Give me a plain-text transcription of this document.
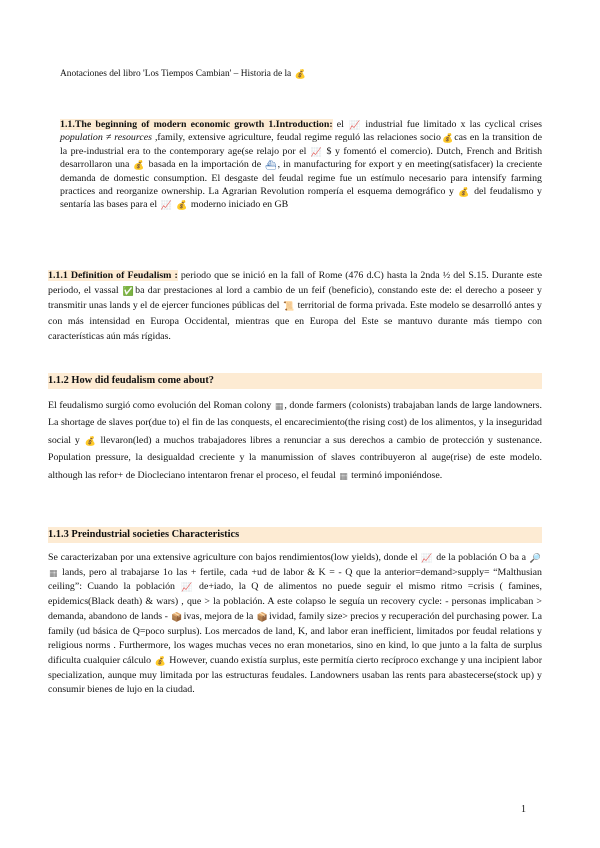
Anotaciones del libro 'Los Tiempos Cambian' – Historia de la 💰

1.1.The beginning of modern economic growth 1.Introduction: el 📈 industrial fue limitado x las cyclical crises population ≠ resources ,family, extensive agriculture, feudal regime reguló las relaciones socio💰cas en la transition de la pre-industrial era to the contemporary age(se relajo por el 📈 $ y fomentó el comercio). Dutch, French and British desarrollaron una 💰 basada en la importación de ⛴, in manufacturing for export y en meeting(satisfacer) la creciente demanda de domestic consumption. El desgaste del feudal regime fue un estímulo necesario para intensify farming practices and reorganize ownership. La Agrarian Revolution rompería el esquema demográfico y 💰 del feudalismo y sentaría las bases para el 📈 💰 moderno iniciado en GB

1.1.1 Definition of Feudalism : periodo que se inició en la fall of Rome (476 d.C) hasta la 2nda ½ del S.15. Durante este periodo, el vassal ✅ba dar prestaciones al lord a cambio de un feif (beneficio), constando este de: el derecho a poseer y transmitir unas lands y el de ejercer funciones públicas del 📜 territorial de forma privada. Este modelo se desarrolló antes y con más intensidad en Europa Occidental, mientras que en Europa del Este se mantuvo durante más tiempo con características aún más rígidas.

1.1.2 How did feudalism come about?

El feudalismo surgió como evolución del Roman colony ▦, donde farmers (colonists) trabajaban lands de large landowners. La shortage de slaves por(due to) el fin de las conquests, el encarecimiento(the rising cost) de los alimentos, y la inseguridad social y 💰 llevaron(led) a muchos trabajadores libres a renunciar a sus derechos a cambio de protección y sustenance. Population pressure, la desigualdad creciente y la manumission of slaves contribuyeron al auge(rise) de este modelo. although las refor+ de Diocleciano intentaron frenar el proceso, el feudal ▦ terminó imponiéndose.

1.1.3 Preindustrial societies Characteristics

Se caracterizaban por una extensive agriculture con bajos rendimientos(low yields), donde el 📈 de la población O ba a 🔎 ▦ lands, pero al trabajarse 1o las + fertile, cada +ud de labor & K = - Q que la anterior=demand>supply= “Malthusian ceiling”: Cuando la población 📈 de+iado, la Q de alimentos no puede seguir el mismo ritmo =crisis ( famines, epidemics(Black death) & wars) , que > la población. A este colapso le seguía un recovery cycle: - personas implicaban > demanda, abandono de lands - 📦ivas, mejora de la 📦ividad, family size> precios y recuperación del purchasing power. La family (ud básica de Q=poco surplus). Los mercados de land, K, and labor eran inefficient, limitados por feudal relations y religious norms . Furthermore, los wages muchas veces no eran monetarios, sino en kind, lo que junto a la falta de surplus dificulta cualquier cálculo 💰 However, cuando existía surplus, este permitía cierto recíproco exchange y una incipient labor specialization, aunque muy limitada por las estructuras feudales. Landowners usaban las rents para abastecerse(stock up) y consumir bienes de lujo en la ciudad.

1
